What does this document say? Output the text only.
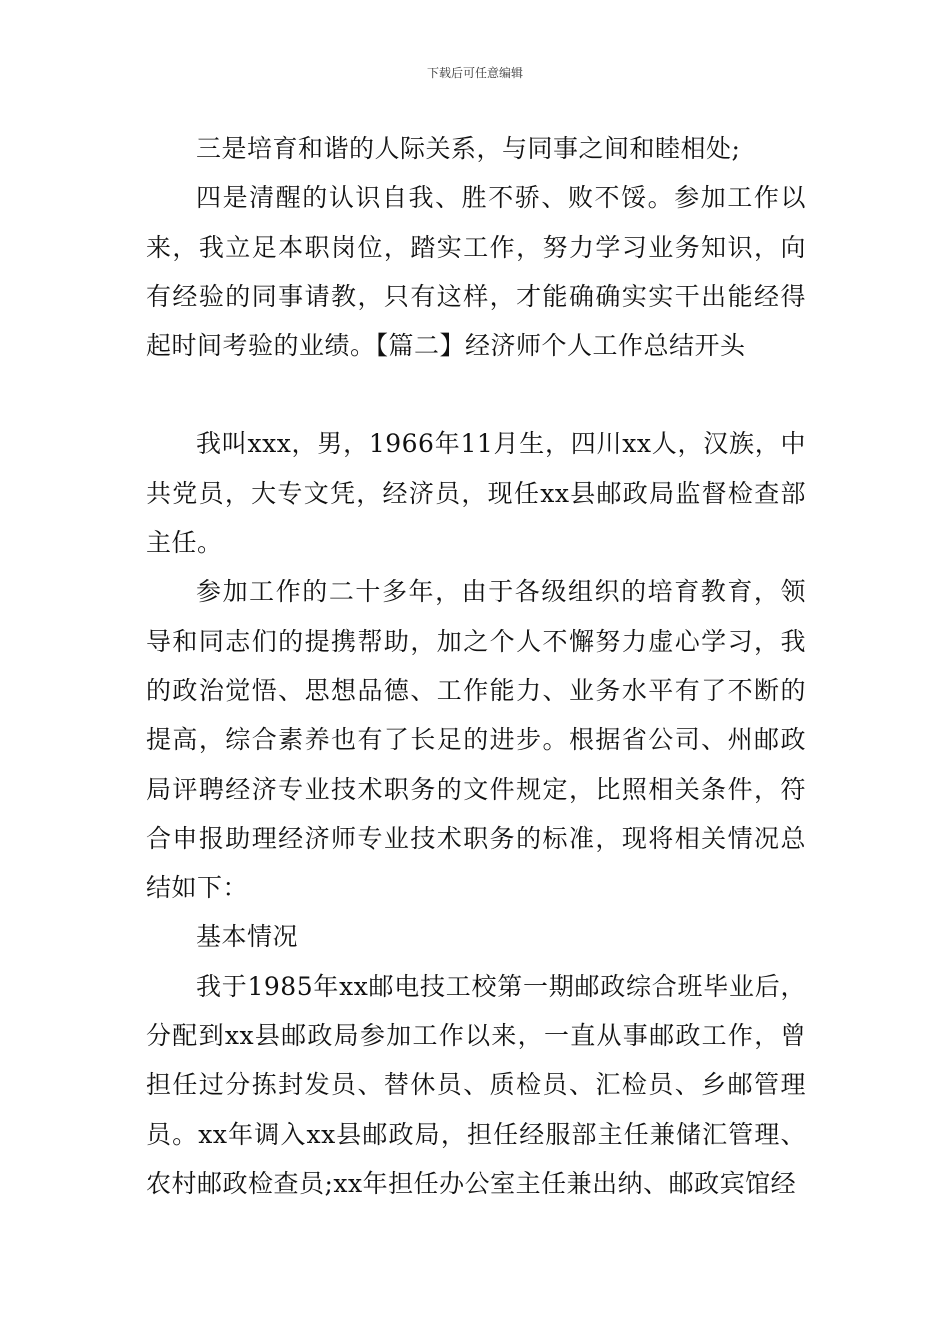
下载后可任意编辑

三是培育和谐的人际关系，与同事之间和睦相处;

四是清醒的认识自我、胜不骄、败不馁。参加工作以来，我立足本职岗位，踏实工作，努力学习业务知识，向有经验的同事请教，只有这样，才能确确实实干出能经得起时间考验的业绩。【篇二】经济师个人工作总结开头

我叫xxx，男，1966年11月生，四川xx人，汉族，中共党员，大专文凭，经济员，现任xx县邮政局监督检查部主任。

参加工作的二十多年，由于各级组织的培育教育，领导和同志们的提携帮助，加之个人不懈努力虚心学习，我的政治觉悟、思想品德、工作能力、业务水平有了不断的提高，综合素养也有了长足的进步。根据省公司、州邮政局评聘经济专业技术职务的文件规定，比照相关条件，符合申报助理经济师专业技术职务的标准，现将相关情况总结如下：

基本情况

我于1985年xx邮电技工校第一期邮政综合班毕业后，分配到xx县邮政局参加工作以来，一直从事邮政工作，曾担任过分拣封发员、替休员、质检员、汇检员、乡邮管理员。xx年调入xx县邮政局，担任经服部主任兼储汇管理、农村邮政检查员;xx年担任办公室主任兼出纳、邮政宾馆经
